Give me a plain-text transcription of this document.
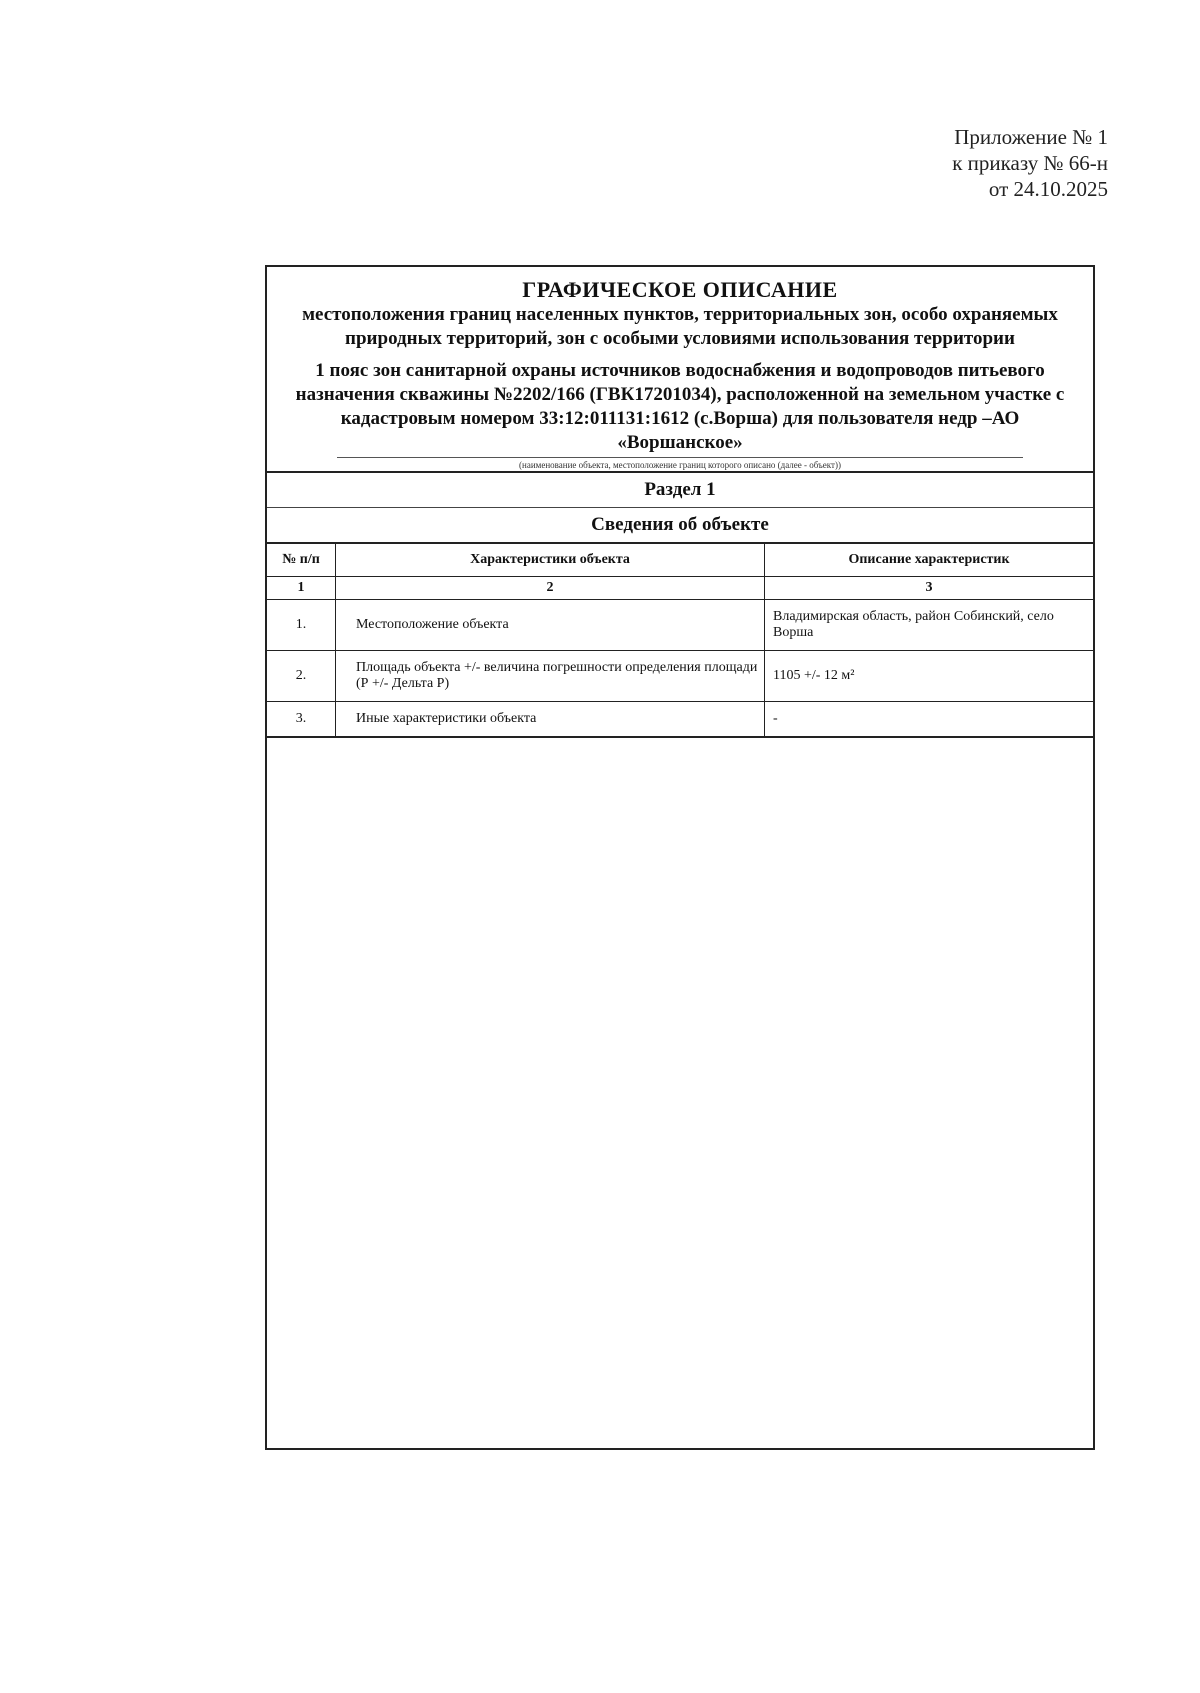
Приложение № 1
к приказу № 66-н
от 24.10.2025
ГРАФИЧЕСКОЕ ОПИСАНИЕ
местоположения границ населенных пунктов, территориальных зон, особо охраняемых природных территорий, зон с особыми условиями использования территории
1 пояс зон санитарной охраны источников водоснабжения и водопроводов питьевого назначения скважины №2202/166 (ГВК17201034), расположенной на земельном участке с кадастровым номером 33:12:011131:1612 (с.Ворша) для пользователя недр –АО «Воршанское»
(наименование объекта, местоположение границ которого описано (далее - объект))
Раздел 1
Сведения об объекте
№ п/п	Характеристики объекта	Описание характеристик
1	2	3
1.	Местоположение объекта	Владимирская область, район Собинский, село Ворша
2.	Площадь объекта +/- величина погрешности определения площади (Р +/- Дельта Р)	1105 +/- 12 м²
3.	Иные характеристики объекта	-
